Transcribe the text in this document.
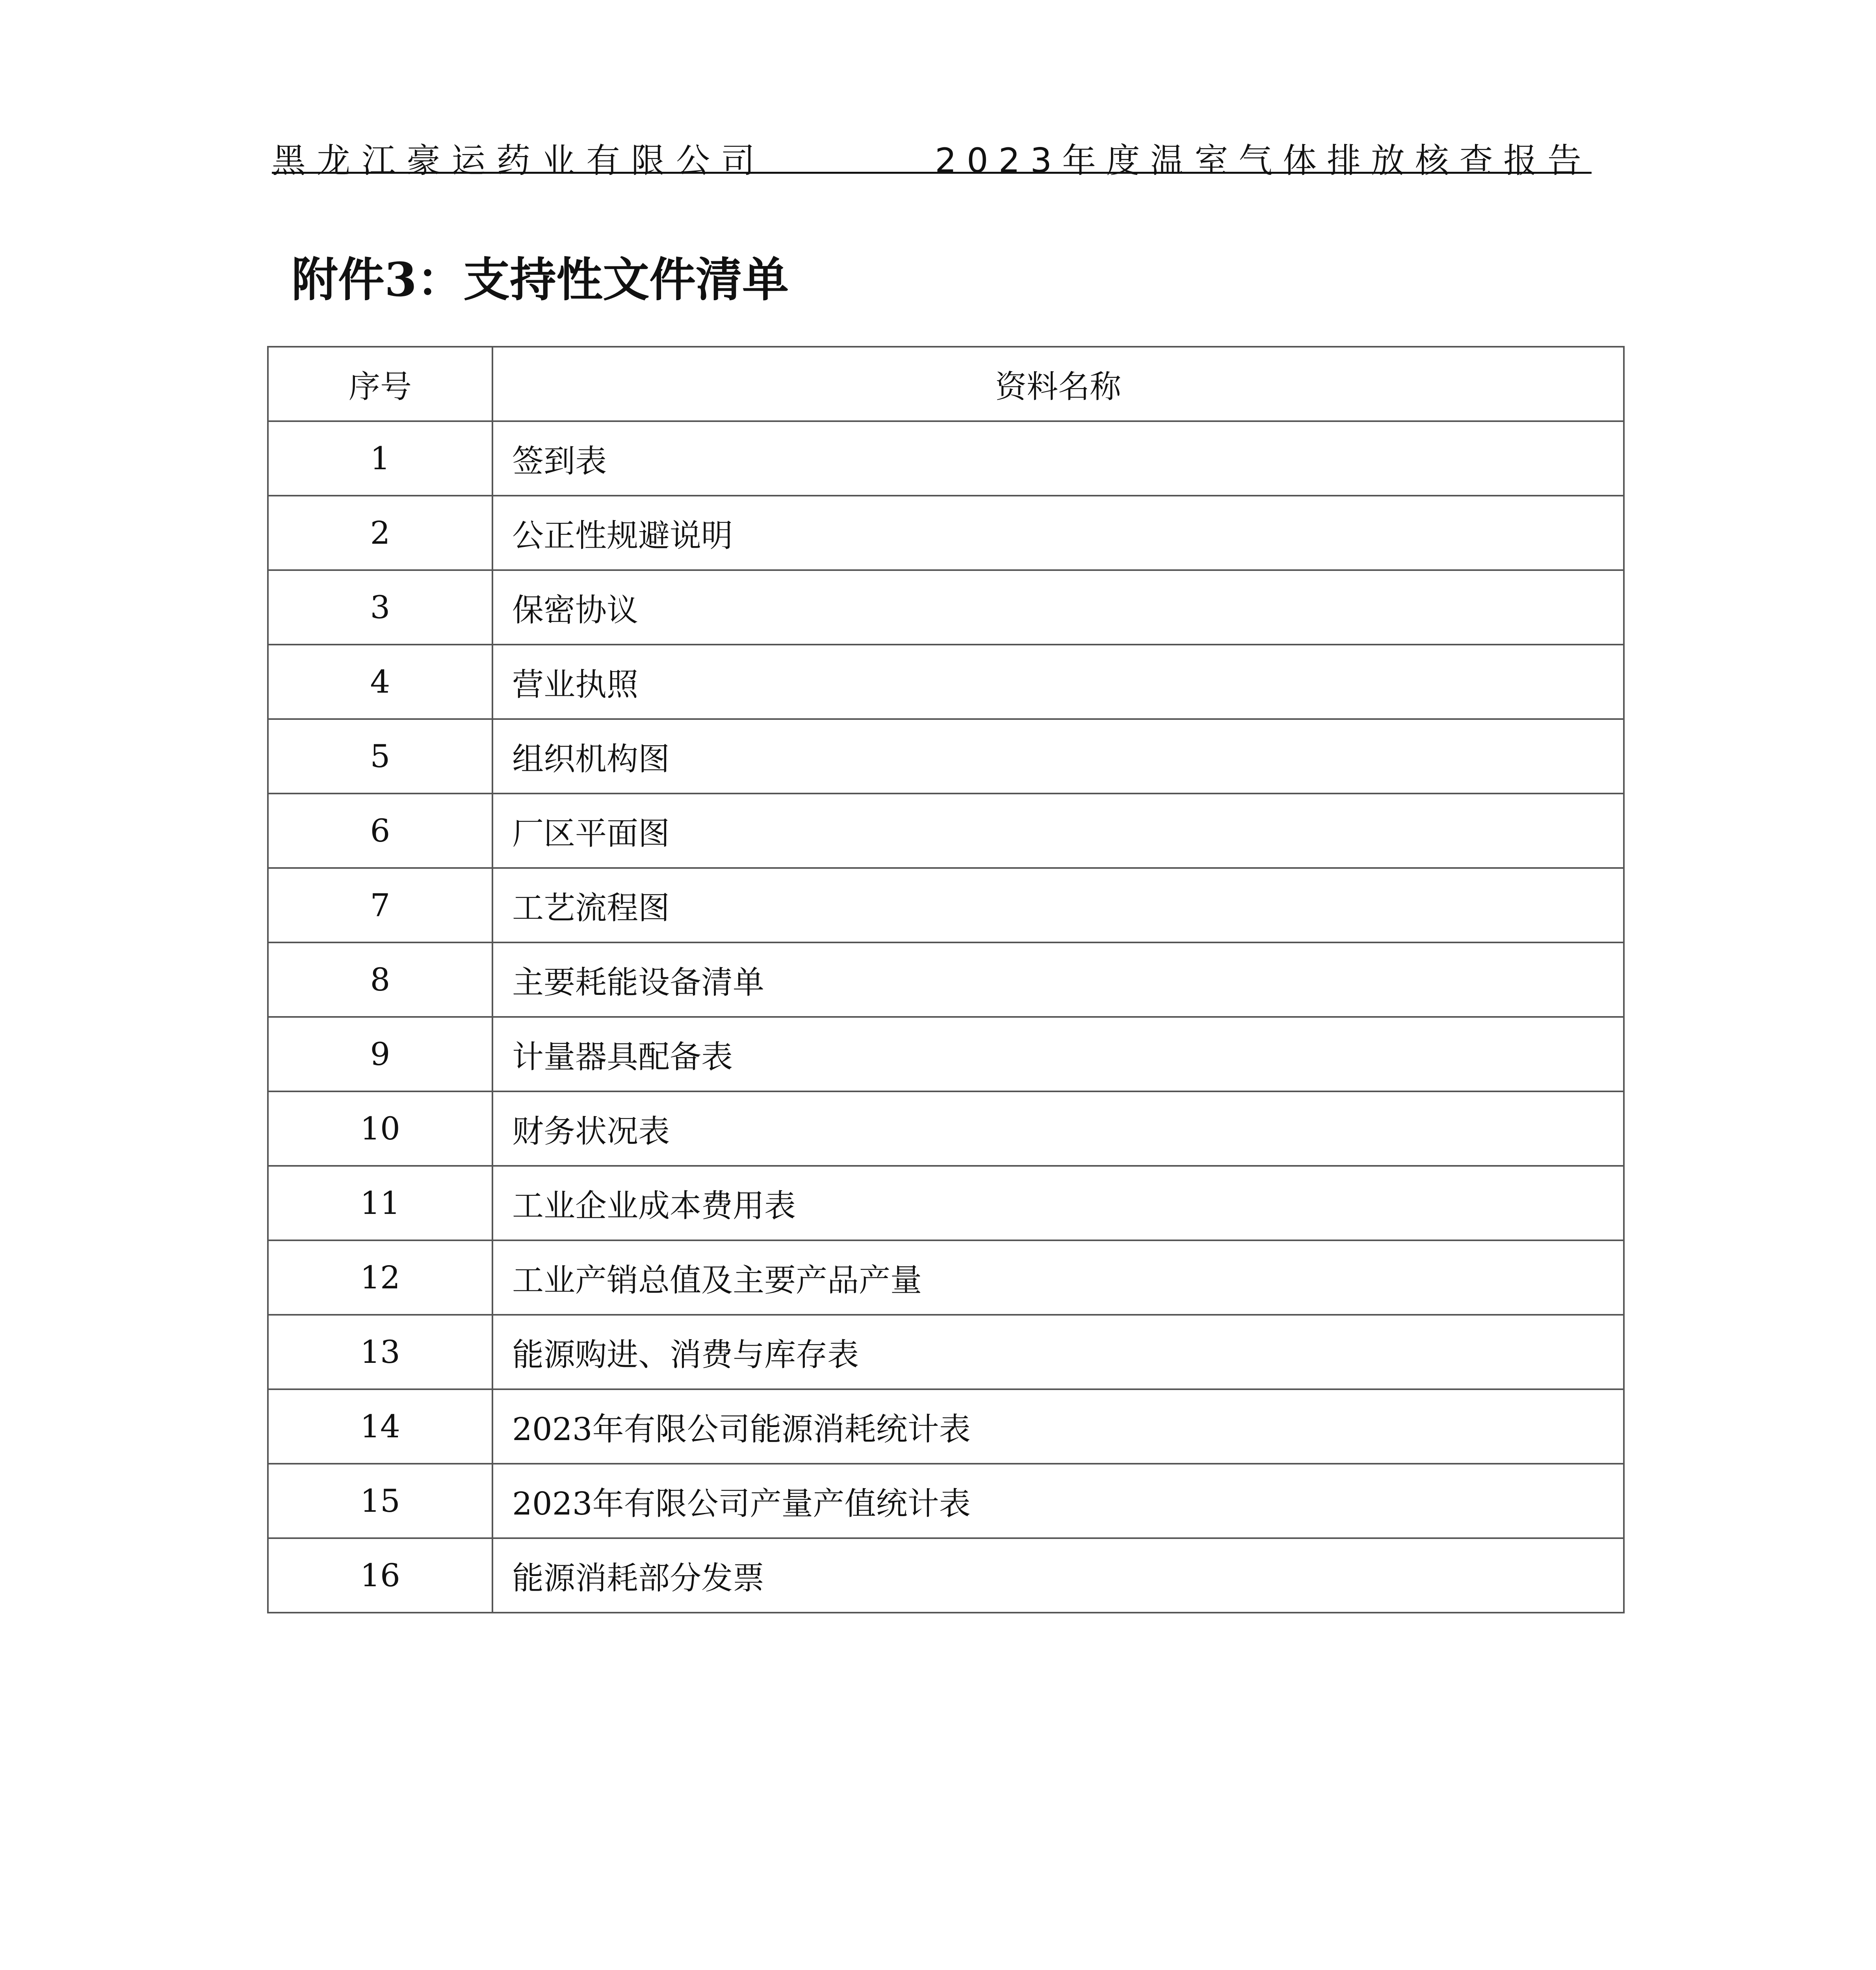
黑龙江豪运药业有限公司	2023年度温室气体排放核查报告
附件3：支持性文件清单
序号	资料名称
1	签到表
2	公正性规避说明
3	保密协议
4	营业执照
5	组织机构图
6	厂区平面图
7	工艺流程图
8	主要耗能设备清单
9	计量器具配备表
10	财务状况表
11	工业企业成本费用表
12	工业产销总值及主要产品产量
13	能源购进、消费与库存表
14	2023年有限公司能源消耗统计表
15	2023年有限公司产量产值统计表
16	能源消耗部分发票
